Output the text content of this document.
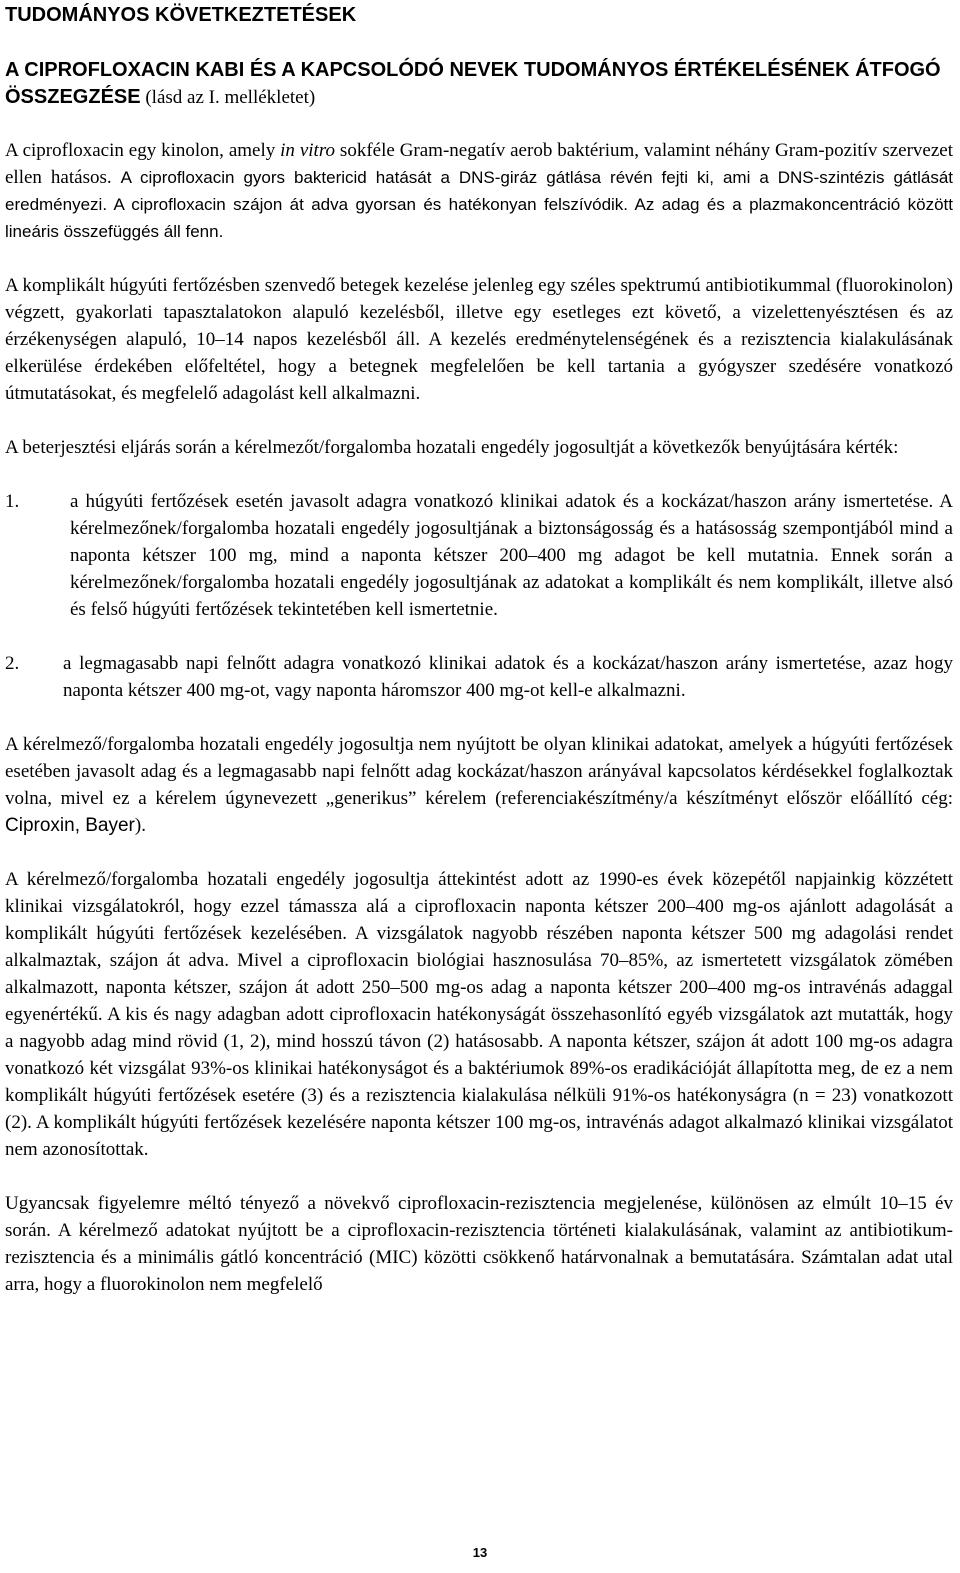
TUDOMÁNYOS KÖVETKEZTETÉSEK

A CIPROFLOXACIN KABI ÉS A KAPCSOLÓDÓ NEVEK TUDOMÁNYOS ÉRTÉKELÉSÉNEK ÁTFOGÓ ÖSSZEGZÉSE (lásd az I. mellékletet)

A ciprofloxacin egy kinolon, amely in vitro sokféle Gram-negatív aerob baktérium, valamint néhány Gram-pozitív szervezet ellen hatásos. A ciprofloxacin gyors baktericid hatását a DNS-giráz gátlása révén fejti ki, ami a DNS-szintézis gátlását eredményezi. A ciprofloxacin szájon át adva gyorsan és hatékonyan felszívódik. Az adag és a plazmakoncentráció között lineáris összefüggés áll fenn.

A komplikált húgyúti fertőzésben szenvedő betegek kezelése jelenleg egy széles spektrumú antibiotikummal (fluorokinolon) végzett, gyakorlati tapasztalatokon alapuló kezelésből, illetve egy esetleges ezt követő, a vizelettenyésztésen és az érzékenységen alapuló, 10–14 napos kezelésből áll. A kezelés eredménytelenségének és a rezisztencia kialakulásának elkerülése érdekében előfeltétel, hogy a betegnek megfelelően be kell tartania a gyógyszer szedésére vonatkozó útmutatásokat, és megfelelő adagolást kell alkalmazni.

A beterjesztési eljárás során a kérelmezőt/forgalomba hozatali engedély jogosultját a következők benyújtására kérték:

1.	a húgyúti fertőzések esetén javasolt adagra vonatkozó klinikai adatok és a kockázat/haszon arány ismertetése. A kérelmezőnek/forgalomba hozatali engedély jogosultjának a biztonságosság és a hatásosság szempontjából mind a naponta kétszer 100 mg, mind a naponta kétszer 200–400 mg adagot be kell mutatnia. Ennek során a kérelmezőnek/forgalomba hozatali engedély jogosultjának az adatokat a komplikált és nem komplikált, illetve alsó és felső húgyúti fertőzések tekintetében kell ismertetnie.
2. a legmagasabb napi felnőtt adagra vonatkozó klinikai adatok és a kockázat/haszon arány ismertetése, azaz hogy naponta kétszer 400 mg-ot, vagy naponta háromszor 400 mg-ot kell-e alkalmazni.

A kérelmező/forgalomba hozatali engedély jogosultja nem nyújtott be olyan klinikai adatokat, amelyek a húgyúti fertőzések esetében javasolt adag és a legmagasabb napi felnőtt adag kockázat/haszon arányával kapcsolatos kérdésekkel foglalkoztak volna, mivel ez a kérelem úgynevezett „generikus” kérelem (referenciakészítmény/a készítményt először előállító cég: Ciproxin, Bayer).

A kérelmező/forgalomba hozatali engedély jogosultja áttekintést adott az 1990-es évek közepétől napjainkig közzétett klinikai vizsgálatokról, hogy ezzel támassza alá a ciprofloxacin naponta kétszer 200–400 mg-os ajánlott adagolását a komplikált húgyúti fertőzések kezelésében. A vizsgálatok nagyobb részében naponta kétszer 500 mg adagolási rendet alkalmaztak, szájon át adva. Mivel a ciprofloxacin biológiai hasznosulása 70–85%, az ismertetett vizsgálatok zömében alkalmazott, naponta kétszer, szájon át adott 250–500 mg-os adag a naponta kétszer 200–400 mg-os intravénás adaggal egyenértékű. A kis és nagy adagban adott ciprofloxacin hatékonyságát összehasonlító egyéb vizsgálatok azt mutatták, hogy a nagyobb adag mind rövid (1, 2), mind hosszú távon (2) hatásosabb. A naponta kétszer, szájon át adott 100 mg-os adagra vonatkozó két vizsgálat 93%-os klinikai hatékonyságot és a baktériumok 89%-os eradikációját állapította meg, de ez a nem komplikált húgyúti fertőzések esetére (3) és a rezisztencia kialakulása nélküli 91%-os hatékonyságra (n = 23) vonatkozott (2). A komplikált húgyúti fertőzések kezelésére naponta kétszer 100 mg-os, intravénás adagot alkalmazó klinikai vizsgálatot nem azonosítottak.

Ugyancsak figyelemre méltó tényező a növekvő ciprofloxacin-rezisztencia megjelenése, különösen az elmúlt 10–15 év során. A kérelmező adatokat nyújtott be a ciprofloxacin-rezisztencia történeti kialakulásának, valamint az antibiotikum-rezisztencia és a minimális gátló koncentráció (MIC) közötti csökkenő határvonalnak a bemutatására. Számtalan adat utal arra, hogy a fluorokinolon nem megfelelő

13
